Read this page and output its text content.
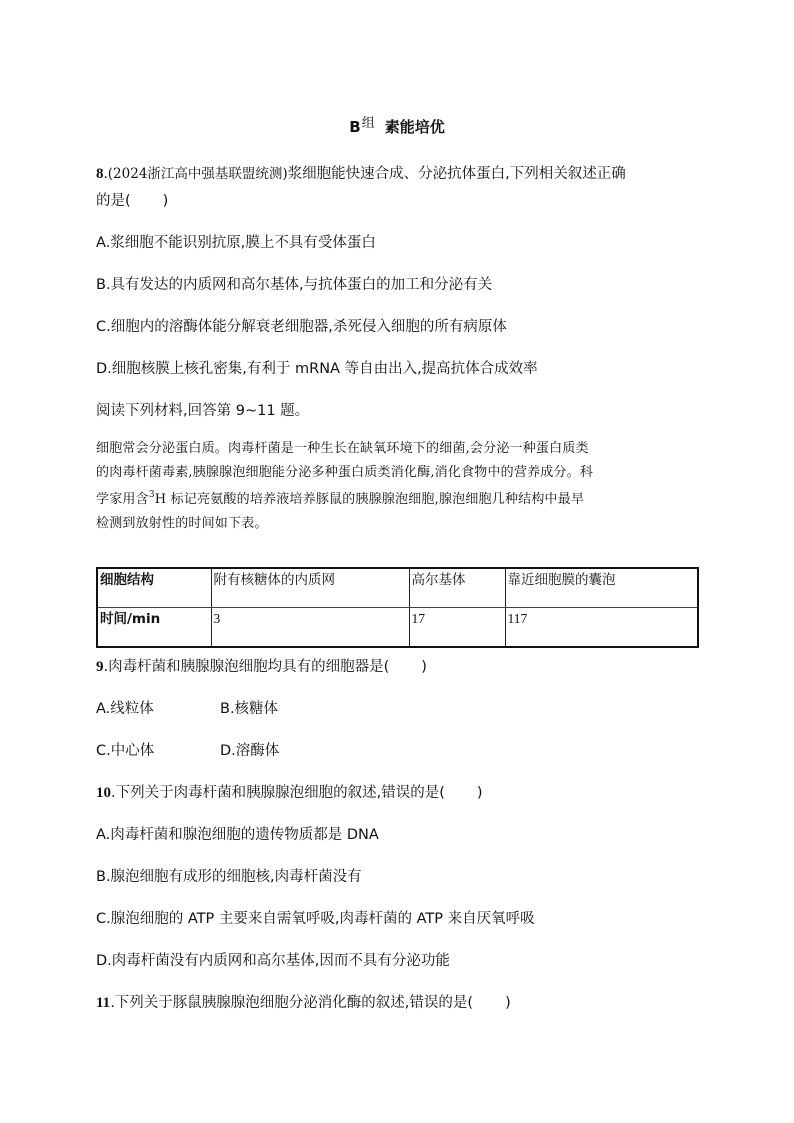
B组 素能培优
8.(2024浙江高中强基联盟统测)浆细胞能快速合成、分泌抗体蛋白,下列相关叙述正确
的是( )
A.浆细胞不能识别抗原,膜上不具有受体蛋白
B.具有发达的内质网和高尔基体,与抗体蛋白的加工和分泌有关
C.细胞内的溶酶体能分解衰老细胞器,杀死侵入细胞的所有病原体
D.细胞核膜上核孔密集,有利于 mRNA 等自由出入,提高抗体合成效率
阅读下列材料,回答第 9~11 题。
细胞常会分泌蛋白质。肉毒杆菌是一种生长在缺氧环境下的细菌,会分泌一种蛋白质类
的肉毒杆菌毒素,胰腺腺泡细胞能分泌多种蛋白质类消化酶,消化食物中的营养成分。科
学家用含$^3$H 标记亮氨酸的培养液培养豚鼠的胰腺腺泡细胞,腺泡细胞几种结构中最早
检测到放射性的时间如下表。
细胞结构	附有核糖体的内质网	高尔基体	靠近细胞膜的囊泡
时间/min	3	17	117
9.肉毒杆菌和胰腺腺泡细胞均具有的细胞器是( )
A.线粒体	B.核糖体
C.中心体	D.溶酶体
10.下列关于肉毒杆菌和胰腺腺泡细胞的叙述,错误的是( )
A.肉毒杆菌和腺泡细胞的遗传物质都是 DNA
B.腺泡细胞有成形的细胞核,肉毒杆菌没有
C.腺泡细胞的 ATP 主要来自需氧呼吸,肉毒杆菌的 ATP 来自厌氧呼吸
D.肉毒杆菌没有内质网和高尔基体,因而不具有分泌功能
11.下列关于豚鼠胰腺腺泡细胞分泌消化酶的叙述,错误的是( )
